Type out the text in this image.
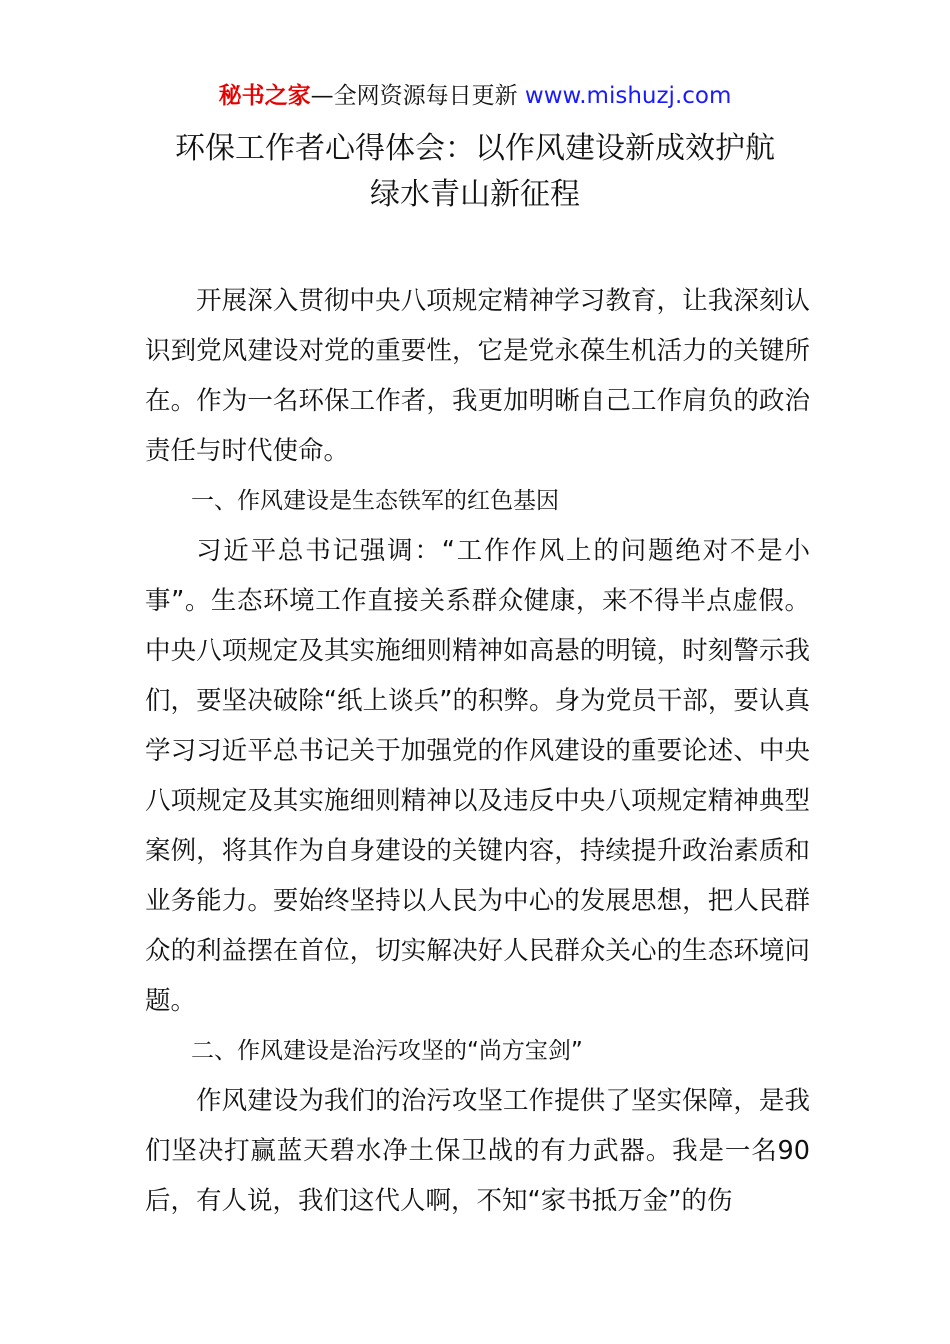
秘书之家—全网资源每日更新 www.mishuzj.com
环保工作者心得体会：以作风建设新成效护航
绿水青山新征程

开展深入贯彻中央八项规定精神学习教育，让我深刻认识到党风建设对党的重要性，它是党永葆生机活力的关键所在。作为一名环保工作者，我更加明晰自己工作肩负的政治责任与时代使命。

一、作风建设是生态铁军的红色基因

习近平总书记强调：“工作作风上的问题绝对不是小事”。生态环境工作直接关系群众健康，来不得半点虚假。中央八项规定及其实施细则精神如高悬的明镜，时刻警示我们，要坚决破除“纸上谈兵”的积弊。身为党员干部，要认真学习习近平总书记关于加强党的作风建设的重要论述、中央八项规定及其实施细则精神以及违反中央八项规定精神典型案例，将其作为自身建设的关键内容，持续提升政治素质和业务能力。要始终坚持以人民为中心的发展思想，把人民群众的利益摆在首位，切实解决好人民群众关心的生态环境问题。

二、作风建设是治污攻坚的“尚方宝剑”

作风建设为我们的治污攻坚工作提供了坚实保障，是我们坚决打赢蓝天碧水净土保卫战的有力武器。我是一名90后，有人说，我们这代人啊，不知“家书抵万金”的伤
